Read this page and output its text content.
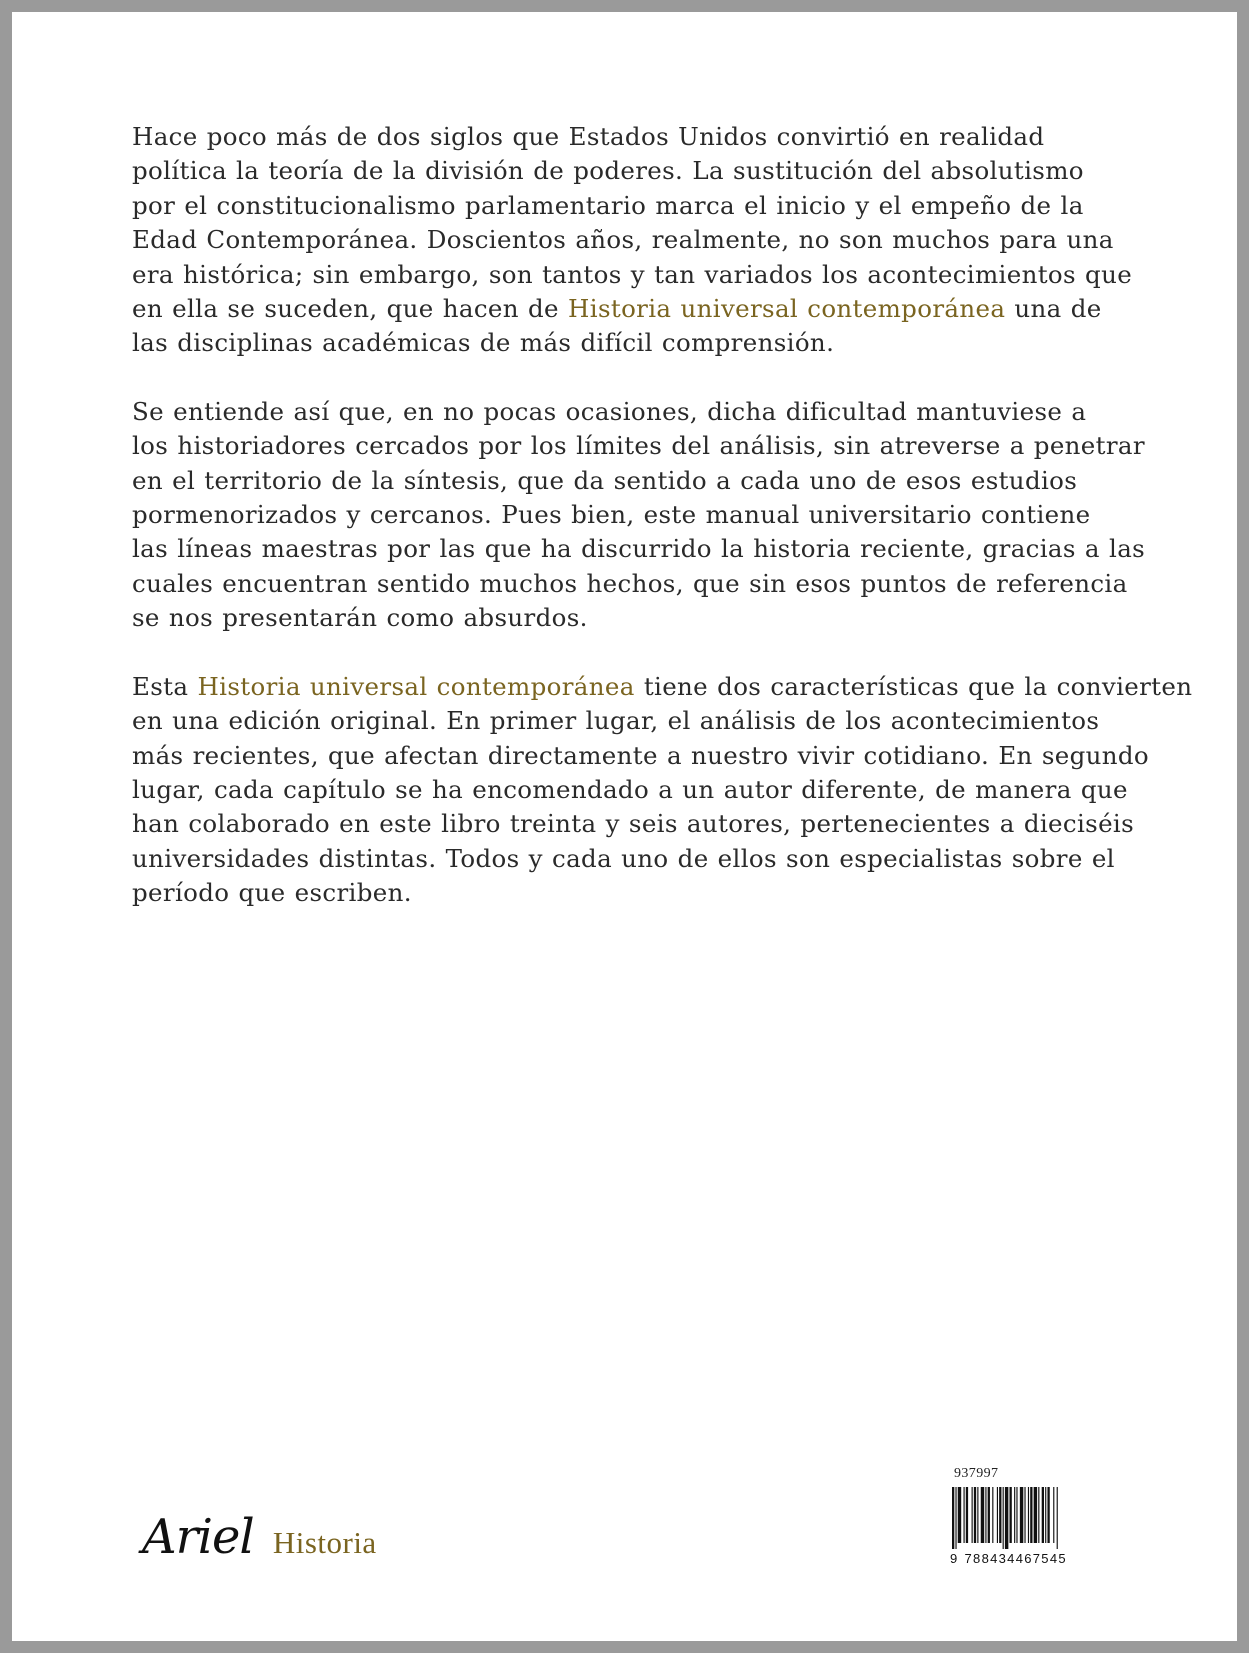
Hace poco más de dos siglos que Estados Unidos convirtió en realidad
política la teoría de la división de poderes. La sustitución del absolutismo
por el constitucionalismo parlamentario marca el inicio y el empeño de la
Edad Contemporánea. Doscientos años, realmente, no son muchos para una
era histórica; sin embargo, son tantos y tan variados los acontecimientos que
en ella se suceden, que hacen de Historia universal contemporánea una de
las disciplinas académicas de más difícil comprensión.

Se entiende así que, en no pocas ocasiones, dicha dificultad mantuviese a
los historiadores cercados por los límites del análisis, sin atreverse a penetrar
en el territorio de la síntesis, que da sentido a cada uno de esos estudios
pormenorizados y cercanos. Pues bien, este manual universitario contiene
las líneas maestras por las que ha discurrido la historia reciente, gracias a las
cuales encuentran sentido muchos hechos, que sin esos puntos de referencia
se nos presentarán como absurdos.

Esta Historia universal contemporánea tiene dos características que la convierten
en una edición original. En primer lugar, el análisis de los acontecimientos
más recientes, que afectan directamente a nuestro vivir cotidiano. En segundo
lugar, cada capítulo se ha encomendado a un autor diferente, de manera que
han colaborado en este libro treinta y seis autores, pertenecientes a dieciséis
universidades distintas. Todos y cada uno de ellos son especialistas sobre el
período que escriben.

Ariel Historia
937997
9 788434467545
